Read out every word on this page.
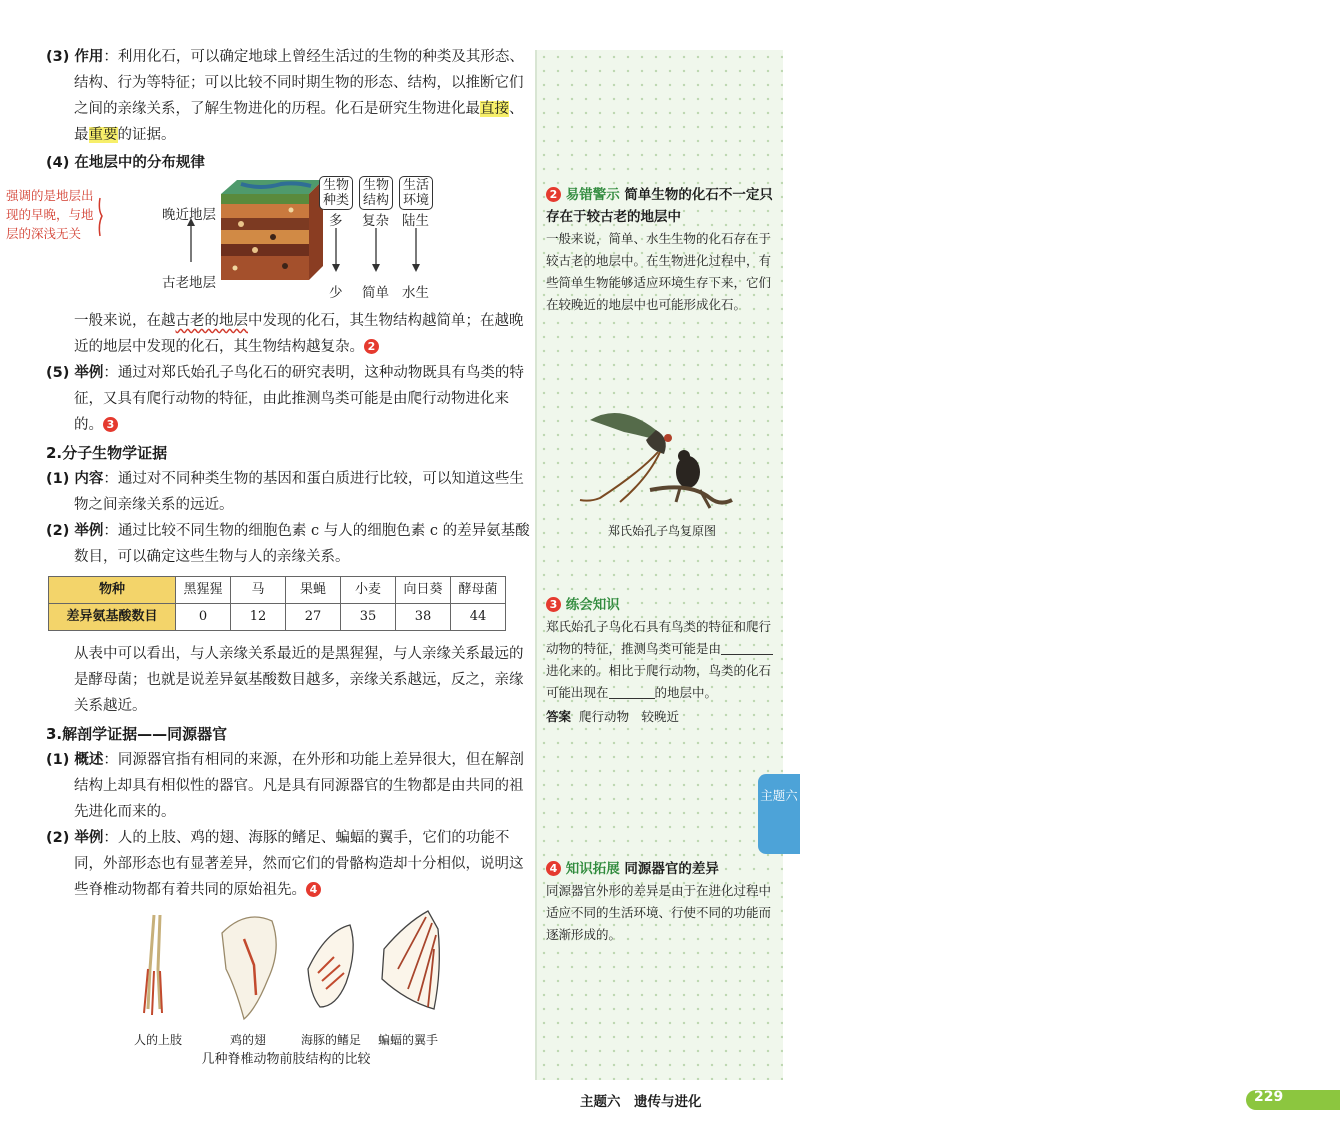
(3) 作用：利用化石，可以确定地球上曾经生活过的生物的种类及其形态、结构、行为等特征；可以比较不同时期生物的形态、结构，以推断它们之间的亲缘关系，了解生物进化的历程。化石是研究生物进化最直接、最重要的证据。

(4) 在地层中的分布规律

强调的是地层出现的早晚，与地层的深浅无关
晚近地层
古老地层
生物种类
生物结构
生活环境
多 复杂 陆生
少 简单 水生

一般来说，在越古老的地层中发现的化石，其生物结构越简单；在越晚近的地层中发现的化石，其生物结构越复杂。 2

(5) 举例：通过对郑氏始孔子鸟化石的研究表明，这种动物既具有鸟类的特征，又具有爬行动物的特征，由此推测鸟类可能是由爬行动物进化来的。 3

2.分子生物学证据

(1) 内容：通过对不同种类生物的基因和蛋白质进行比较，可以知道这些生物之间亲缘关系的远近。

(2) 举例：通过比较不同生物的细胞色素 c 与人的细胞色素 c 的差异氨基酸数目，可以确定这些生物与人的亲缘关系。

物种	黑猩猩	马	果蝇	小麦	向日葵	酵母菌
差异氨基酸数目	0	12	27	35	38	44

从表中可以看出，与人亲缘关系最近的是黑猩猩，与人亲缘关系最远的是酵母菌；也就是说差异氨基酸数目越多，亲缘关系越远，反之，亲缘关系越近。

3.解剖学证据——同源器官

(1) 概述：同源器官指有相同的来源，在外形和功能上差异很大，但在解剖结构上却具有相似性的器官。凡是具有同源器官的生物都是由共同的祖先进化而来的。

(2) 举例：人的上肢、鸡的翅、海豚的鳍足、蝙蝠的翼手，它们的功能不同，外部形态也有显著差异，然而它们的骨骼构造却十分相似，说明这些脊椎动物都有着共同的原始祖先。 4

人的上肢	鸡的翅	海豚的鳍足	蝙蝠的翼手
几种脊椎动物前肢结构的比较
2 易错警示 简单生物的化石不一定只存在于较古老的地层中
一般来说，简单、水生生物的化石存在于较古老的地层中。在生物进化过程中，有些简单生物能够适应环境生存下来，它们在较晚近的地层中也可能形成化石。
郑氏始孔子鸟复原图
3 练会知识
郑氏始孔子鸟化石具有鸟类的特征和爬行动物的特征，推测鸟类可能是由进化来的。相比于爬行动物，鸟类的化石可能出现在	的地层中。
答案 爬行动物　较晚近
主题六
4 知识拓展 同源器官的差异
同源器官外形的差异是由于在进化过程中适应不同的生活环境、行使不同的功能而逐渐形成的。
主题六　遗传与进化	229
